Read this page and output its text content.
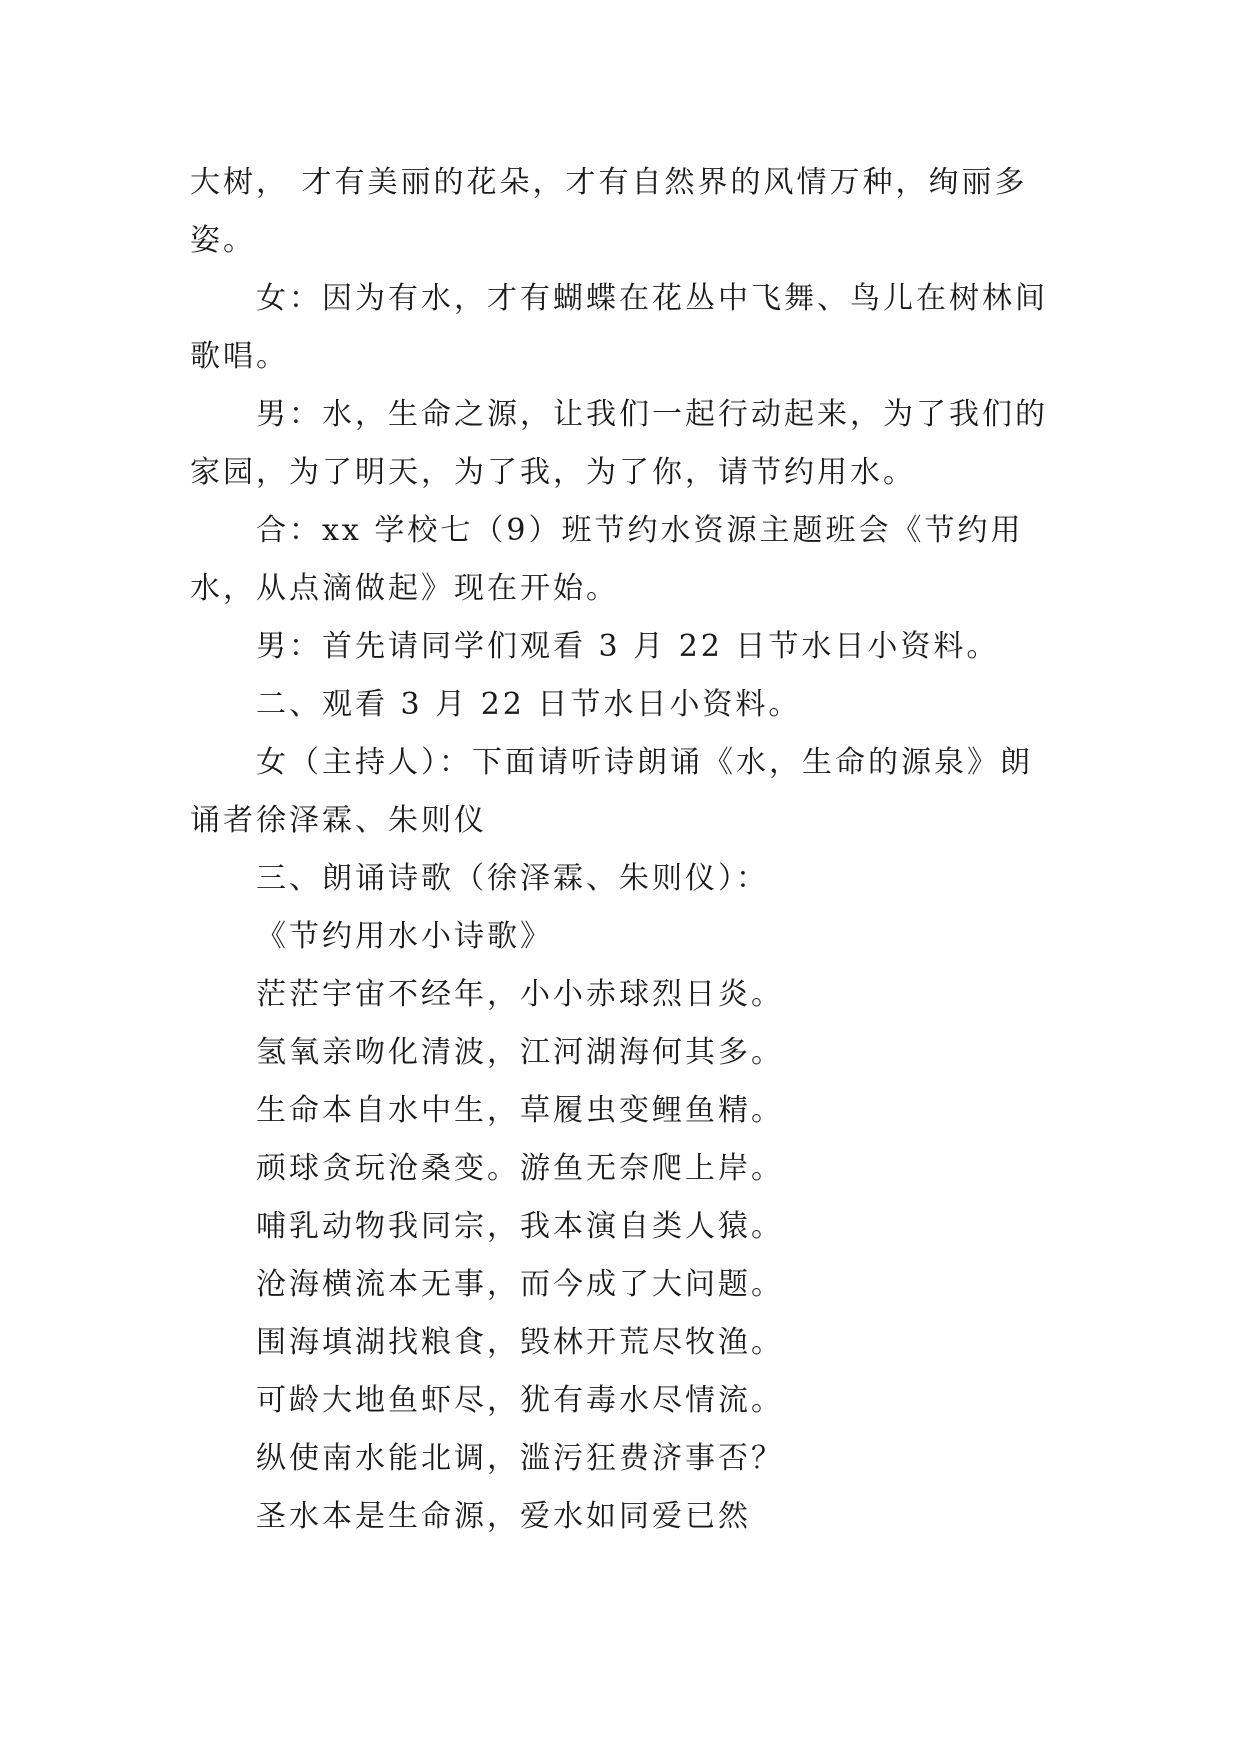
大树， 才有美丽的花朵，才有自然界的风情万种，绚丽多姿。

女：因为有水，才有蝴蝶在花丛中飞舞、鸟儿在树林间歌唱。

男：水，生命之源，让我们一起行动起来，为了我们的家园，为了明天，为了我，为了你，请节约用水。

合：xx 学校七（9）班节约水资源主题班会《节约用水，从点滴做起》现在开始。

男：首先请同学们观看 3 月 22 日节水日小资料。

二、观看 3 月 22 日节水日小资料。

女（主持人）：下面请听诗朗诵《水，生命的源泉》朗诵者徐泽霖、朱则仪

三、朗诵诗歌（徐泽霖、朱则仪）：

《节约用水小诗歌》

茫茫宇宙不经年，小小赤球烈日炎。

氢氧亲吻化清波，江河湖海何其多。

生命本自水中生，草履虫变鲤鱼精。

顽球贪玩沧桑变。游鱼无奈爬上岸。

哺乳动物我同宗，我本演自类人猿。

沧海横流本无事，而今成了大问题。

围海填湖找粮食，毁林开荒尽牧渔。

可龄大地鱼虾尽，犹有毒水尽情流。

纵使南水能北调，滥污狂费济事否？

圣水本是生命源，爱水如同爱已然
